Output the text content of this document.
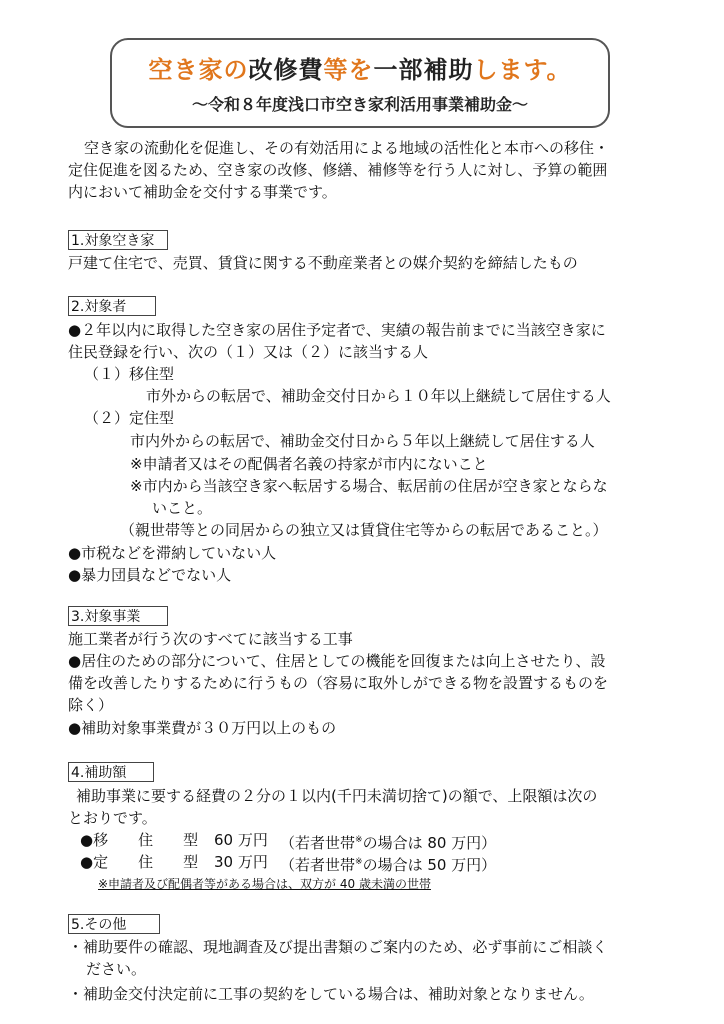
空き家の改修費等を一部補助します。
～令和８年度浅口市空き家利活用事業補助金～
空き家の流動化を促進し、その有効活用による地域の活性化と本市への移住・
定住促進を図るため、空き家の改修、修繕、補修等を行う人に対し、予算の範囲
内において補助金を交付する事業です。
1.対象空き家
戸建て住宅で、売買、賃貸に関する不動産業者との媒介契約を締結したもの
2.対象者
●２年以内に取得した空き家の居住予定者で、実績の報告前までに当該空き家に
住民登録を行い、次の（１）又は（２）に該当する人
（１）移住型
市外からの転居で、補助金交付日から１０年以上継続して居住する人
（２）定住型
市内外からの転居で、補助金交付日から５年以上継続して居住する人
※申請者又はその配偶者名義の持家が市内にないこと
※市内から当該空き家へ転居する場合、転居前の住居が空き家とならな
いこと。
（親世帯等との同居からの独立又は賃貸住宅等からの転居であること。）
●市税などを滞納していない人
●暴力団員などでない人
3.対象事業
施工業者が行う次のすべてに該当する工事
●居住のための部分について、住居としての機能を回復または向上させたり、設
備を改善したりするために行うもの（容易に取外しができる物を設置するものを
除く）
●補助対象事業費が３０万円以上のもの
4.補助額
補助事業に要する経費の２分の１以内(千円未満切捨て)の額で、上限額は次の
とおりです。
●移　　住　　型 60 万円 （若者世帯※の場合は 80 万円）
●定　　住　　型 30 万円 （若者世帯※の場合は 50 万円）
※申請者及び配偶者等がある場合は、双方が 40 歳未満の世帯
5.その他
・補助要件の確認、現地調査及び提出書類のご案内のため、必ず事前にご相談く
ださい。
・補助金交付決定前に工事の契約をしている場合は、補助対象となりません。
